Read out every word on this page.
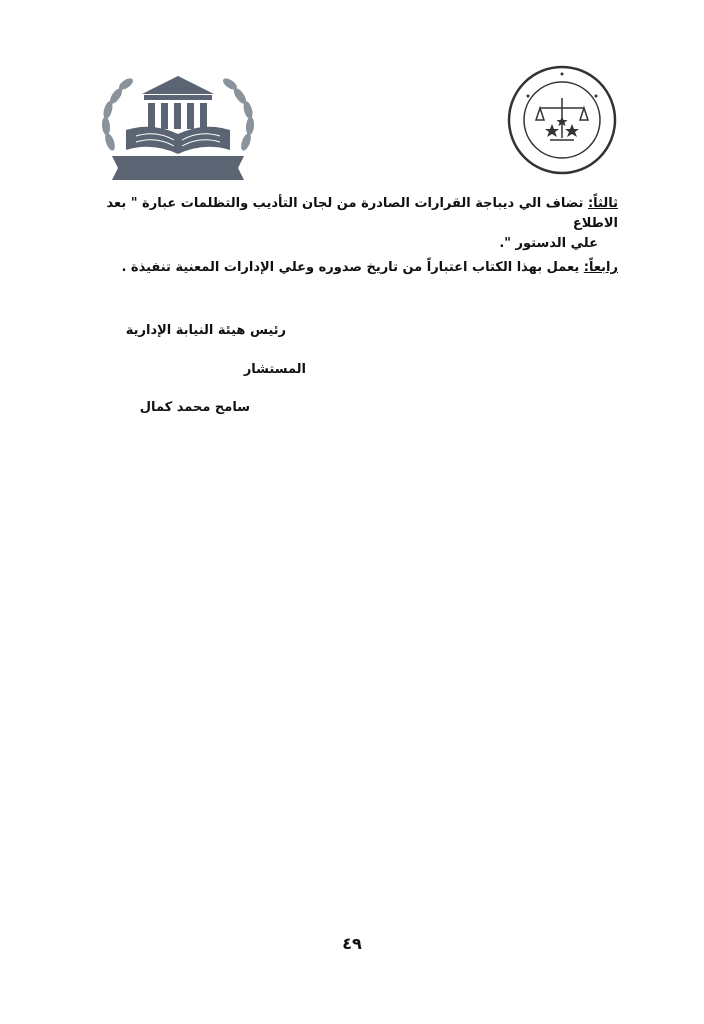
ثالثاً: تضاف الي ديباجة القرارات الصادرة من لجان التأديب والتظلمات عبارة " بعد الاطلاع
علي الدستور ".

رابعاً: يعمل بهذا الكتاب اعتباراً من تاريخ صدوره وعلي الإدارات المعنية تنفيذة .

رئيس هيئة النيابة الإدارية
المستشار
سامح محمد كمال
٤٩
